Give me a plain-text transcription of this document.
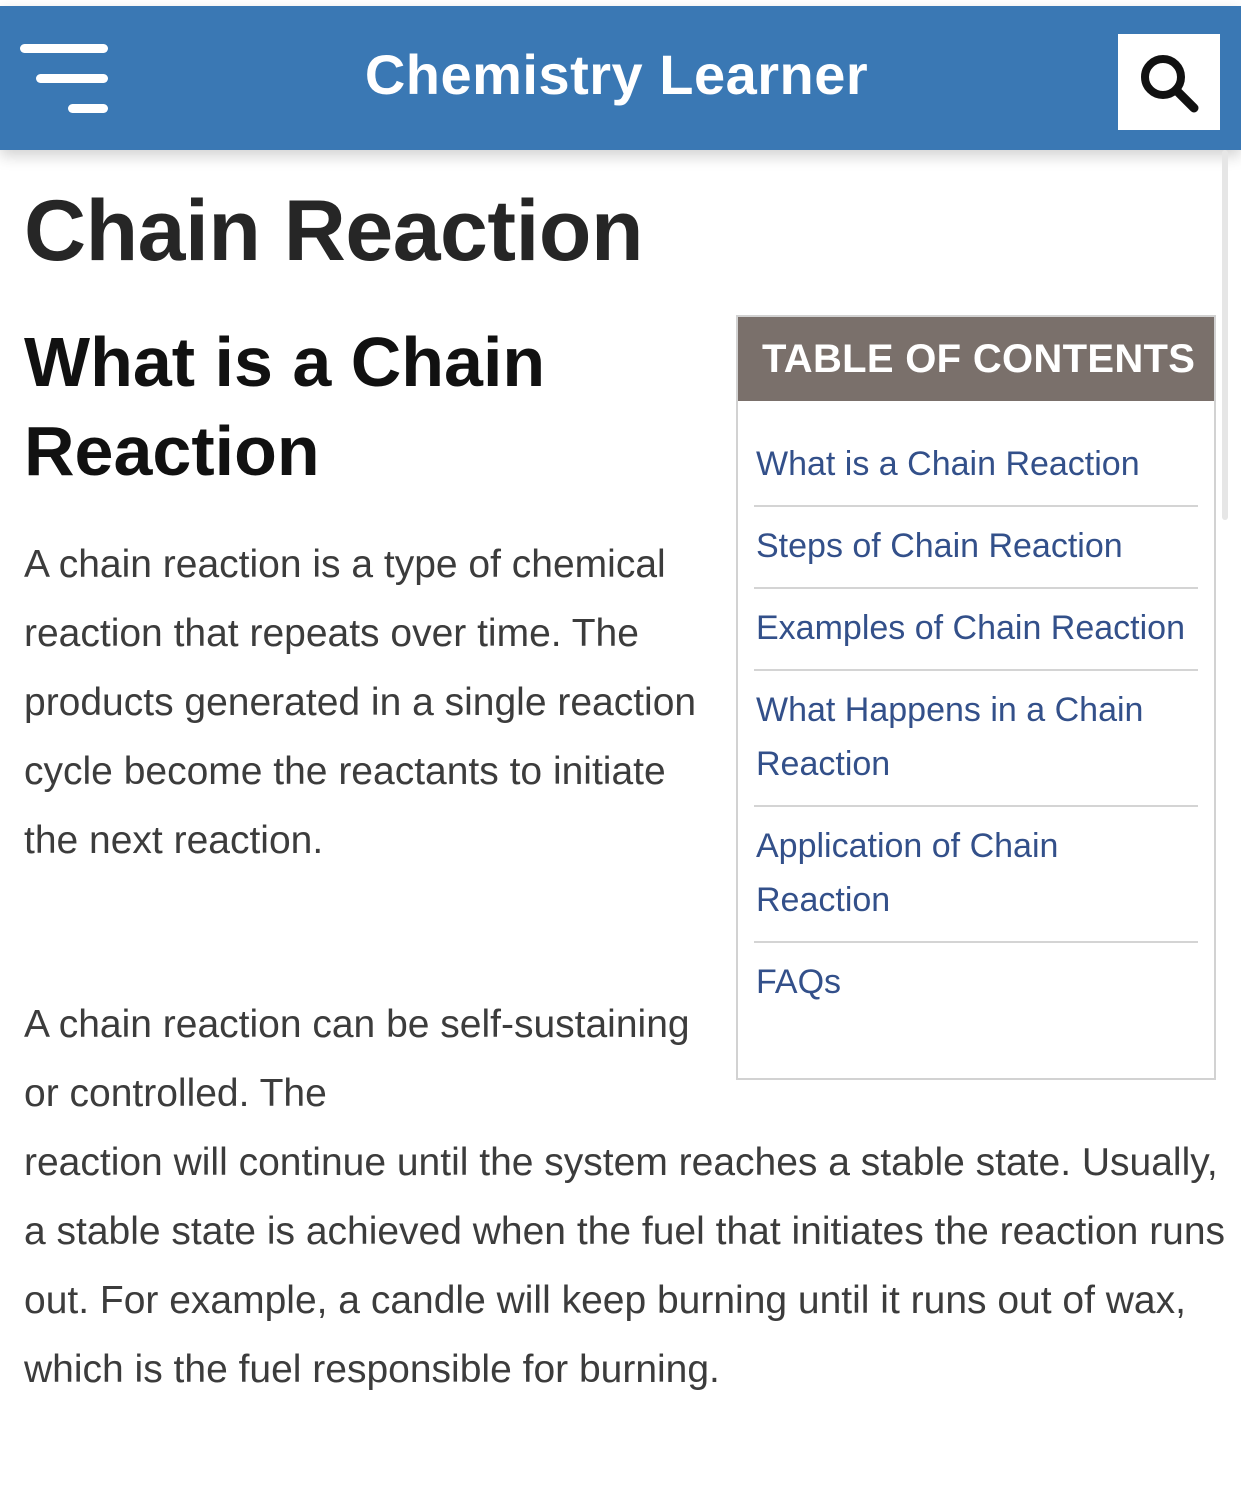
Chemistry Learner
Chain Reaction
What is a Chain Reaction

A chain reaction is a type of chemical reaction that repeats over time. The products generated in a single reaction cycle become the reactants to initiate the next reaction.

A chain reaction can be self-sustaining or controlled. The

reaction will continue until the system reaches a stable state. Usually, a stable state is achieved when the fuel that initiates the reaction runs out. For example, a candle will keep burning until it runs out of wax, which is the fuel responsible for burning.

TABLE OF CONTENTS
What is a Chain Reaction
Steps of Chain Reaction
Examples of Chain Reaction
What Happens in a Chain Reaction
Application of Chain Reaction
FAQs
